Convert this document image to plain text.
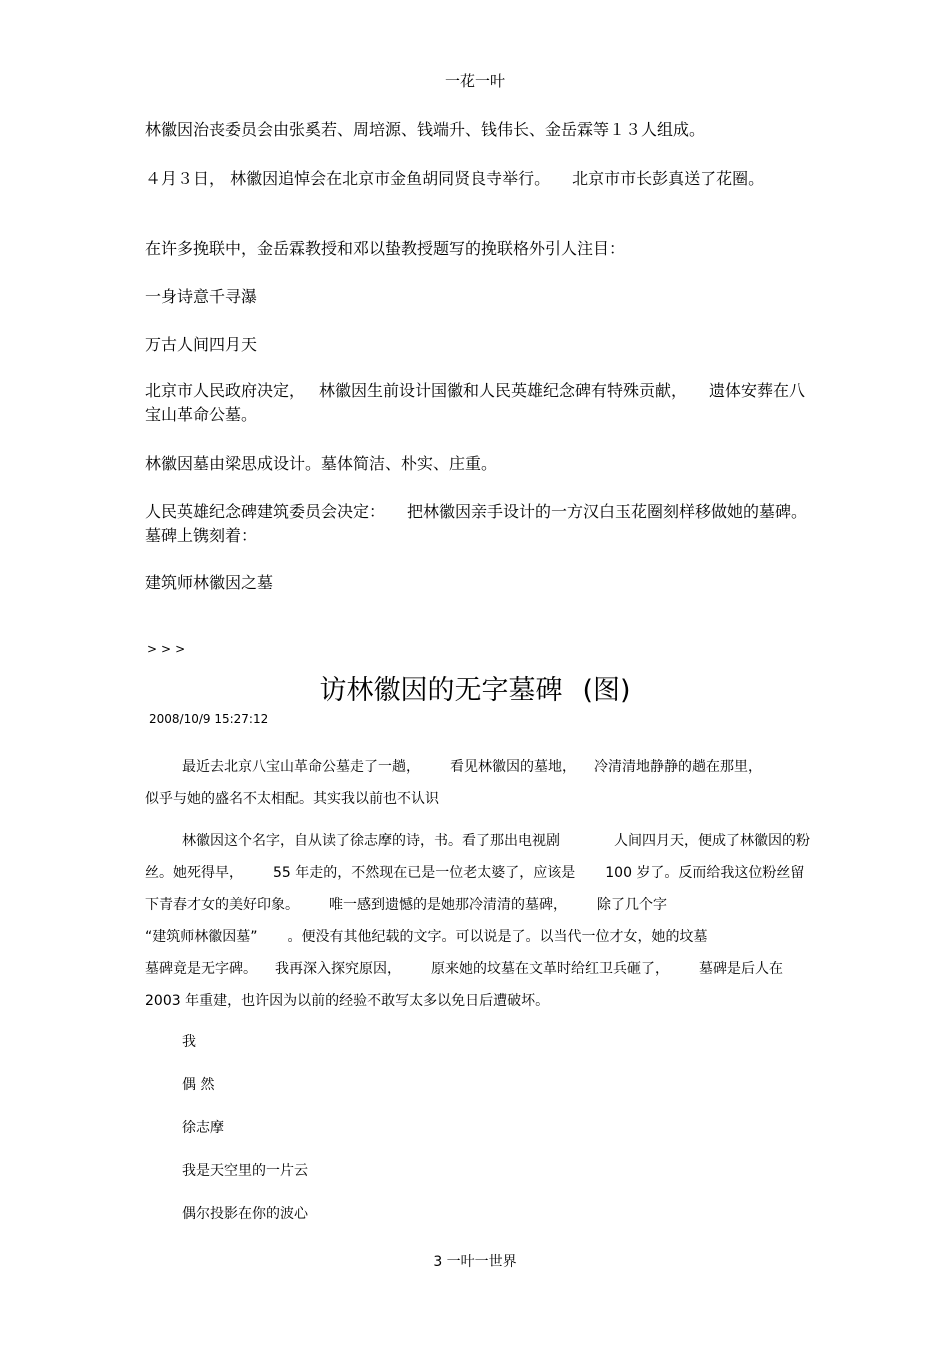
一花一叶
林徽因治丧委员会由张奚若、周培源、钱端升、钱伟长、金岳霖等１３人组成。
４月３日， 林徽因追悼会在北京市金鱼胡同贤良寺举行。 北京市市长彭真送了花圈。
在许多挽联中，金岳霖教授和邓以蛰教授题写的挽联格外引人注目：
一身诗意千寻瀑
万古人间四月天
北京市人民政府决定， 林徽因生前设计国徽和人民英雄纪念碑有特殊贡献， 遗体安葬在八宝山革命公墓。
林徽因墓由梁思成设计。墓体简洁、朴实、庄重。
人民英雄纪念碑建筑委员会决定： 把林徽因亲手设计的一方汉白玉花圈刻样移做她的墓碑。墓碑上镌刻着：
建筑师林徽因之墓
>>>
访林徽因的无字墓碑 (图)
2008/10/9 15:27:12
最近去北京八宝山革命公墓走了一趟， 看见林徽因的墓地， 冷清清地静静的趟在那里，
似乎与她的盛名不太相配。其实我以前也不认识
林徽因这个名字，自从读了徐志摩的诗，书。看了那出电视剧	人间四月天，便成了林徽因的粉丝。她死得早， 55 年走的，不然现在已是一位老太婆了，应该是 100 岁了。反而给我这位粉丝留下青春才女的美好印象。 唯一感到遗憾的是她那冷清清的墓碑， 除了几个字
“建筑师林徽因墓” 。便没有其他纪载的文字。可以说是了。以当代一位才女，她的坟墓
墓碑竟是无字碑。 我再深入探究原因， 原来她的坟墓在文革时给红卫兵砸了， 墓碑是后人在
2003 年重建，也许因为以前的经验不敢写太多以免日后遭破坏。
我
偶 然
徐志摩
我是天空里的一片云
偶尔投影在你的波心
3 一叶一世界
